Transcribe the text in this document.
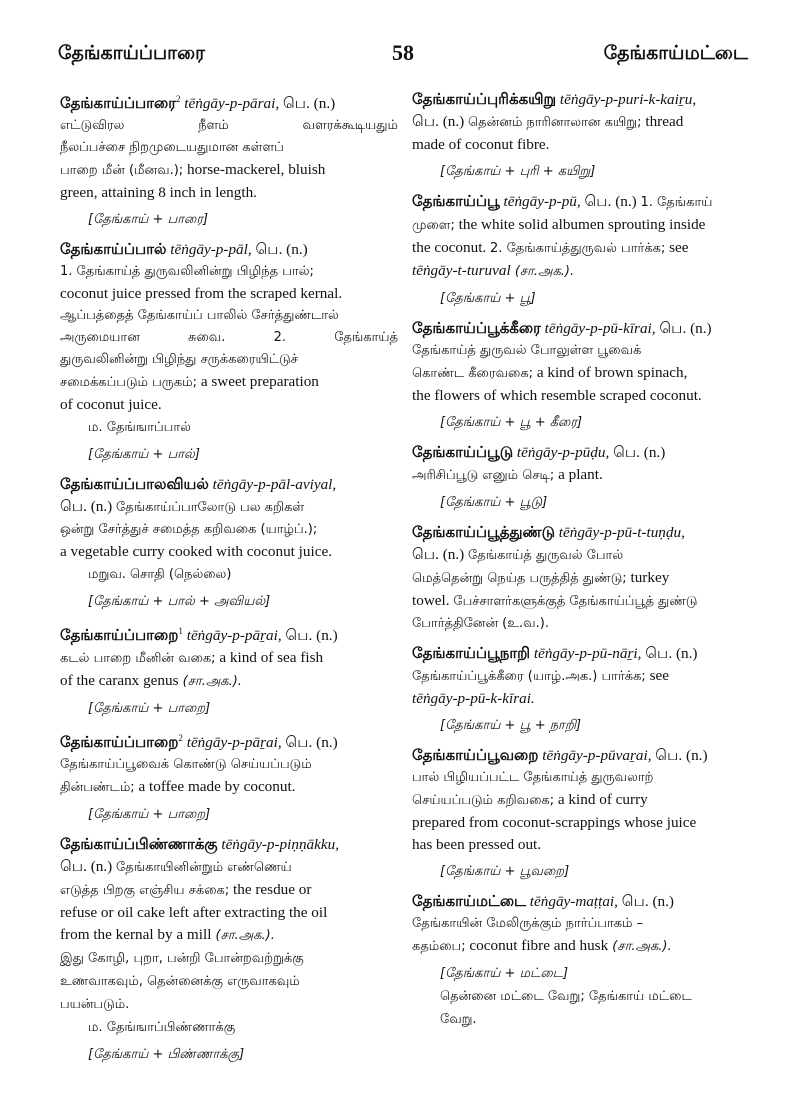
தேங்காய்ப்பாரை	58	தேங்காய்மட்டை
தேங்காய்ப்பாரை$^2$ tēṅgāy-p-pārai, பெ. (n.)
எட்டுவிரல நீளம் வளரக்கூடியதும்
நீலப்பச்சை நிறமுடையதுமான கள்ளப்
பாறை மீன் (மீனவ.); horse-mackerel, bluish
green, attaining 8 inch in length.
[தேங்காய் + பாரை]
தேங்காய்ப்பால் tēṅgāy-p-pāl, பெ. (n.)
1. தேங்காய்த் துருவலினின்று பிழிந்த பால்;
coconut juice pressed from the scraped kernal.
ஆப்பத்தைத் தேங்காய்ப் பாலில் சேர்த்துண்டால்
அருமையான சுவை. 2. தேங்காய்த்
துருவலினின்று பிழிந்து சருக்கரையிட்டுச்
சமைக்கப்படும் பருகம்; a sweet preparation
of coconut juice.
ம. தேங்ஙாப்பால்
[தேங்காய் + பால்]
தேங்காய்ப்பாலவியல் tēṅgāy-p-pāl-aviyal,
பெ. (n.) தேங்காய்ப்பாலோடு பல கறிகள்
ஒன்று சேர்த்துச் சமைத்த கறிவகை (யாழ்ப்.);
a vegetable curry cooked with coconut juice.
மறுவ. சொதி (நெல்லை)
[தேங்காய் + பால் + அவியல்]
தேங்காய்ப்பாறை$^1$ tēṅgāy-p-pāṟai, பெ. (n.)
கடல் பாறை மீனின் வகை; a kind of sea fish
of the caranx genus (சா.அக.).
[தேங்காய் + பாறை]
தேங்காய்ப்பாறை$^2$ tēṅgāy-p-pāṟai, பெ. (n.)
தேங்காய்ப்பூவைக் கொண்டு செய்யப்படும்
தின்பண்டம்; a toffee made by coconut.
[தேங்காய் + பாறை]
தேங்காய்ப்பிண்ணாக்கு tēṅgāy-p-piṇṇākku,
பெ. (n.) தேங்காயினின்றும் எண்ணெய்
எடுத்த பிறகு எஞ்சிய சக்கை; the resdue or
refuse or oil cake left after extracting the oil
from the kernal by a mill (சா.அக.).
இது கோழி, புறா, பன்றி போன்றவற்றுக்கு
உணவாகவும், தென்னைக்கு எருவாகவும்
பயன்படும்.
ம. தேங்ஙாப்பிண்ணாக்கு
[தேங்காய் + பிண்ணாக்கு]
தேங்காய்ப்புரிக்கயிறு tēṅgāy-p-puri-k-kaiṟu,
பெ. (n.) தென்னம் நாரினாலான கயிறு; thread
made of coconut fibre.
[தேங்காய் + புரி + கயிறு]
தேங்காய்ப்பூ tēṅgāy-p-pū, பெ. (n.) 1. தேங்காய்
முளை; the white solid albumen sprouting inside
the coconut. 2. தேங்காய்த்துருவல் பார்க்க; see
tēṅgāy-t-turuval (சா.அக.).
[தேங்காய் + பூ]
தேங்காய்ப்பூக்கீரை tēṅgāy-p-pū-kīrai, பெ. (n.)
தேங்காய்த் துருவல் போலுள்ள பூவைக்
கொண்ட கீரைவகை; a kind of brown spinach,
the flowers of which resemble scraped coconut.
[தேங்காய் + பூ + கீரை]
தேங்காய்ப்பூடு tēṅgāy-p-pūḍu, பெ. (n.)
அரிசிப்பூடு எனும் செடி; a plant.
[தேங்காய் + பூடு]
தேங்காய்ப்பூத்துண்டு tēṅgāy-p-pū-t-tuṇḍu,
பெ. (n.) தேங்காய்த் துருவல் போல்
மெத்தென்று நெய்த பருத்தித் துண்டு; turkey
towel. பேச்சாளர்களுக்குத் தேங்காய்ப்பூத் துண்டு
போர்த்தினேன் (உ.வ.).
தேங்காய்ப்பூநாறி tēṅgāy-p-pū-nāṟi, பெ. (n.)
தேங்காய்ப்பூக்கீரை (யாழ்.அக.) பார்க்க; see
tēṅgāy-p-pū-k-kīrai.
[தேங்காய் + பூ + நாறி]
தேங்காய்ப்பூவறை tēṅgāy-p-pūvaṟai, பெ. (n.)
பால் பிழியப்பட்ட தேங்காய்த் துருவலாற்
செய்யப்படும் கறிவகை; a kind of curry
prepared from coconut-scrappings whose juice
has been pressed out.
[தேங்காய் + பூவறை]
தேங்காய்மட்டை tēṅgāy-maṭṭai, பெ. (n.)
தேங்காயின் மேலிருக்கும் நார்ப்பாகம் –
கதம்பை; coconut fibre and husk (சா.அக.).
[தேங்காய் + மட்டை]
தென்னை மட்டை வேறு; தேங்காய் மட்டை
வேறு.
